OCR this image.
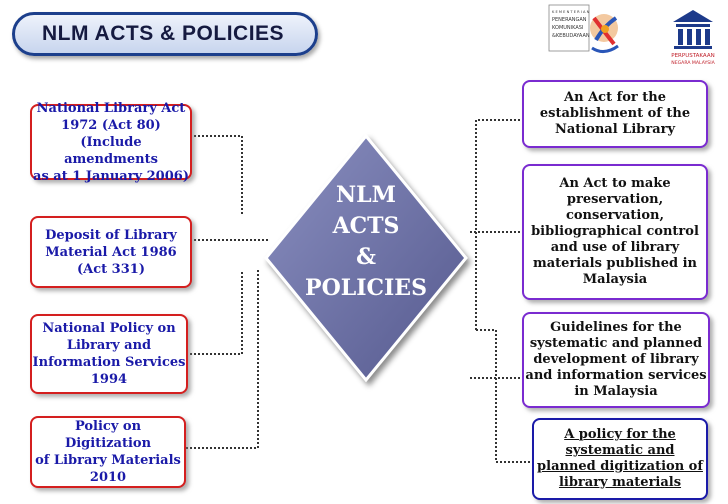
NLM ACTS & POLICIES
K E M E N T E R I A N
PENERANGAN
KOMUNIKASI
&KEBUDAYAAN
PERPUSTAKAAN
NEGARA MALAYSIA
NLM
ACTS
&
POLICIES
National Library Act
1972 (Act 80)
(Include amendments
as at 1 January 2006)
Deposit of Library
Material Act 1986
(Act 331)
National Policy on
Library and
Information Services
1994
Policy on Digitization
of Library Materials
2010
An Act for the
establishment of the
National Library
An Act to make
preservation,
conservation,
bibliographical control
and use of library
materials published in
Malaysia
Guidelines for the
systematic and planned
development of library
and information services
in Malaysia
A policy for the
systematic and
planned digitization of
library materials
